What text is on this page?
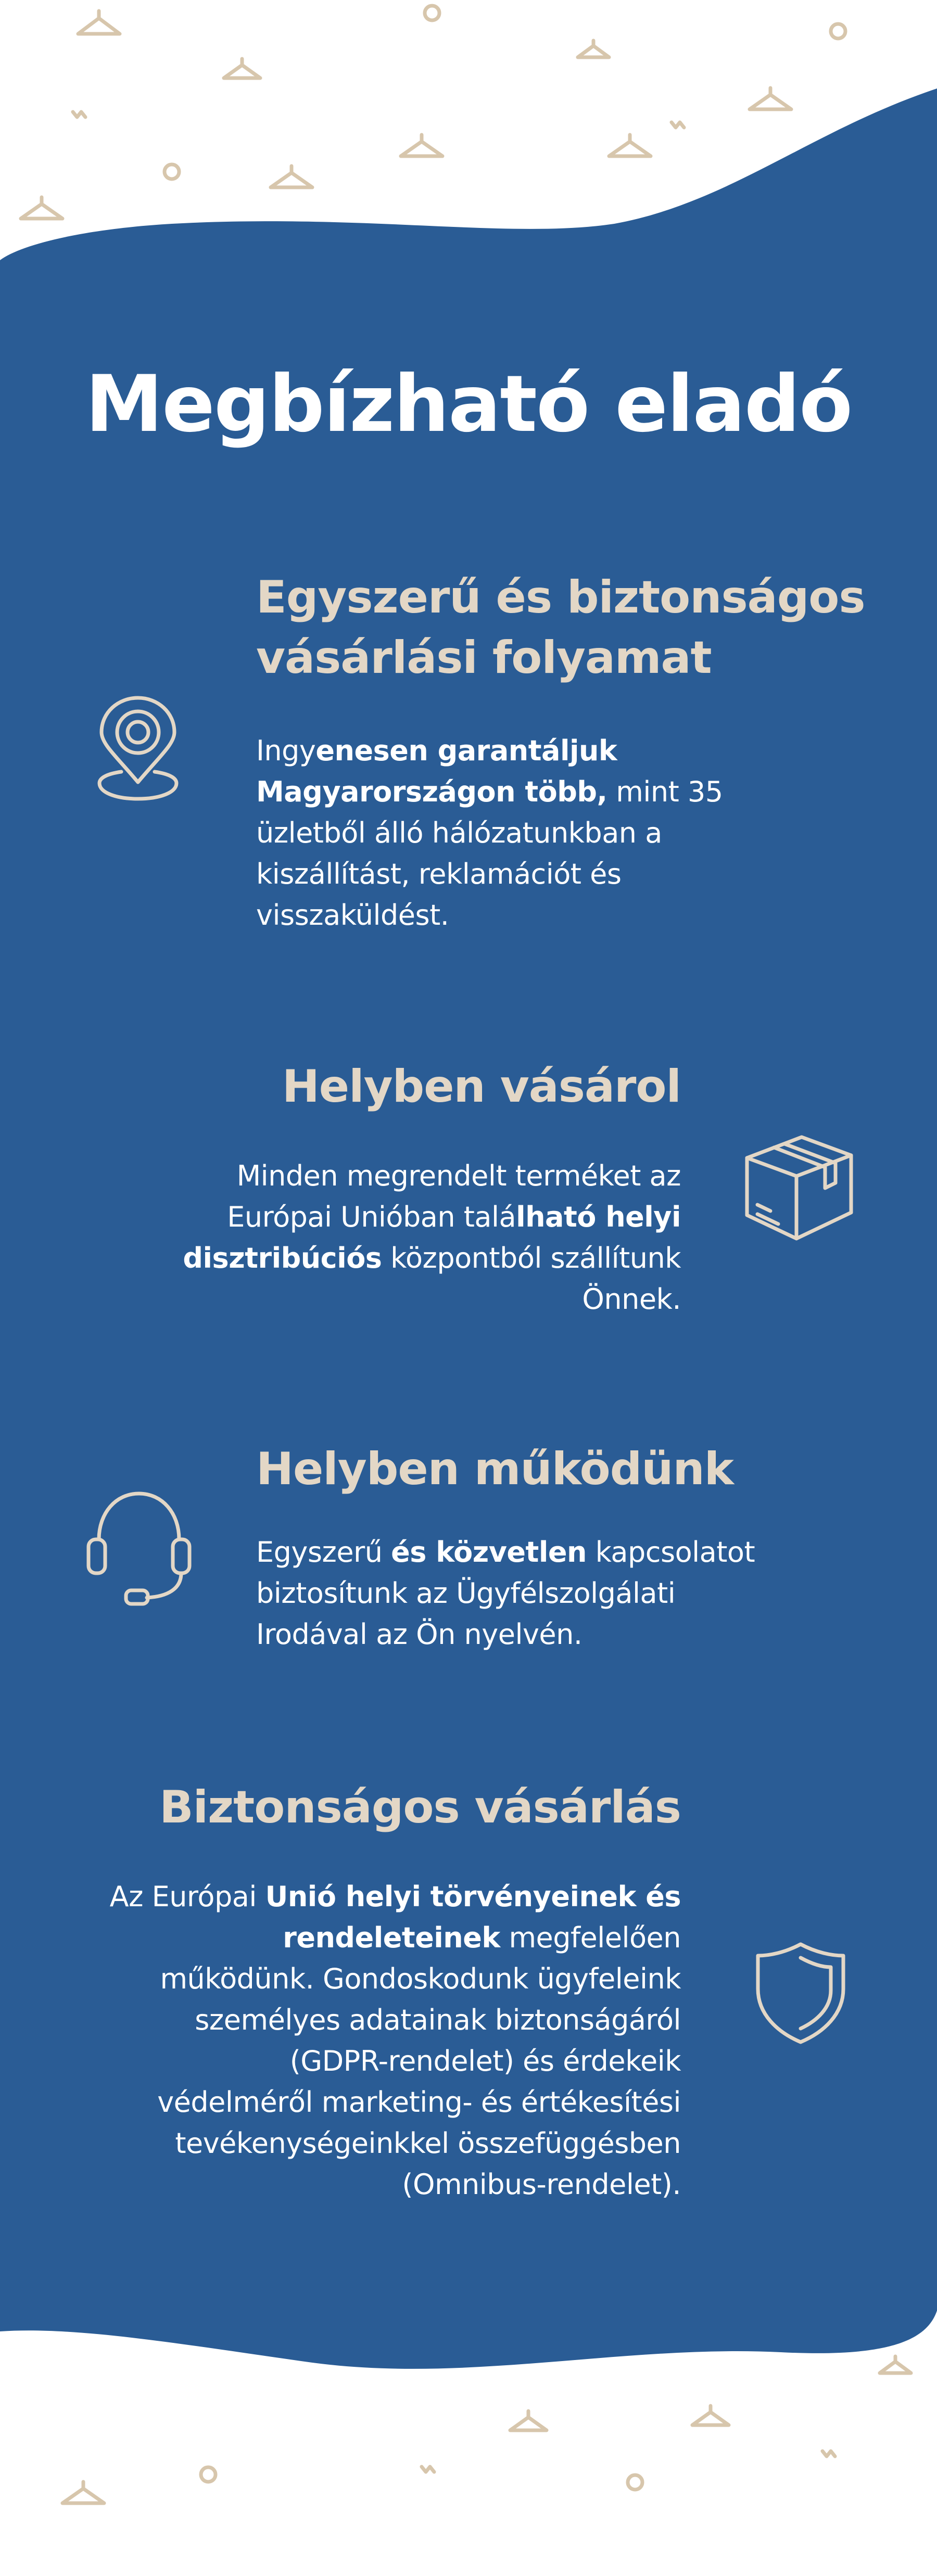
Megbízható eladó
Egyszerű és biztonságos
vásárlási folyamat
Ingyenesen garantáljuk
Magyarországon több, mint 35
üzletből álló hálózatunkban a
kiszállítást, reklamációt és
visszaküldést.
Helyben vásárol
Minden megrendelt terméket az
Európai Unióban található helyi
disztribúciós központból szállítunk
Önnek.
Helyben működünk
Egyszerű és közvetlen kapcsolatot
biztosítunk az Ügyfélszolgálati
Irodával az Ön nyelvén.
Biztonságos vásárlás
Az Európai Unió helyi törvényeinek és
rendeleteinek megfelelően
működünk. Gondoskodunk ügyfeleink
személyes adatainak biztonságáról
(GDPR-rendelet) és érdekeik
védelméről marketing- és értékesítési
tevékenységeinkkel összefüggésben
(Omnibus-rendelet).
